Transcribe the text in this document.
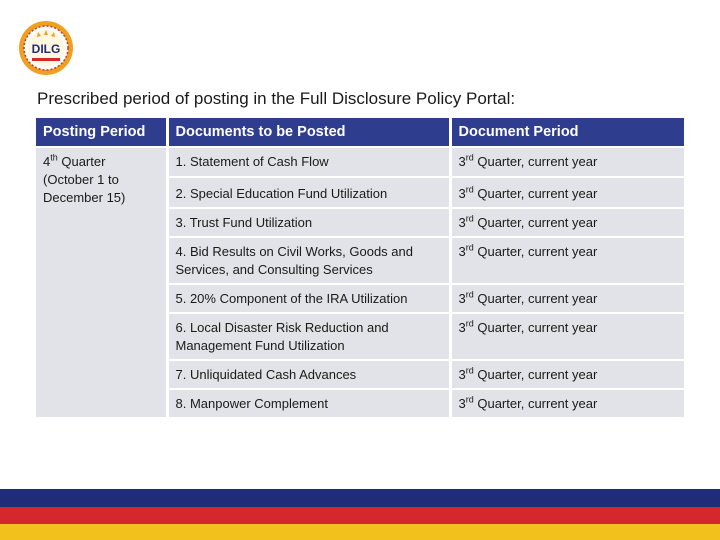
DILG
Prescribed period of posting in the Full Disclosure Policy Portal:
Posting Period	Documents to be Posted	Document Period
4th Quarter
(October 1 to
December 15)	1. Statement of Cash Flow	3rd Quarter, current year
	2. Special Education Fund Utilization	3rd Quarter, current year
	3. Trust Fund Utilization	3rd Quarter, current year
	4. Bid Results on Civil Works, Goods and Services, and Consulting Services	3rd Quarter, current year
	5. 20% Component of the IRA Utilization	3rd Quarter, current year
	6. Local Disaster Risk Reduction and Management Fund Utilization	3rd Quarter, current year
	7. Unliquidated Cash Advances	3rd Quarter, current year
	8. Manpower Complement	3rd Quarter, current year
